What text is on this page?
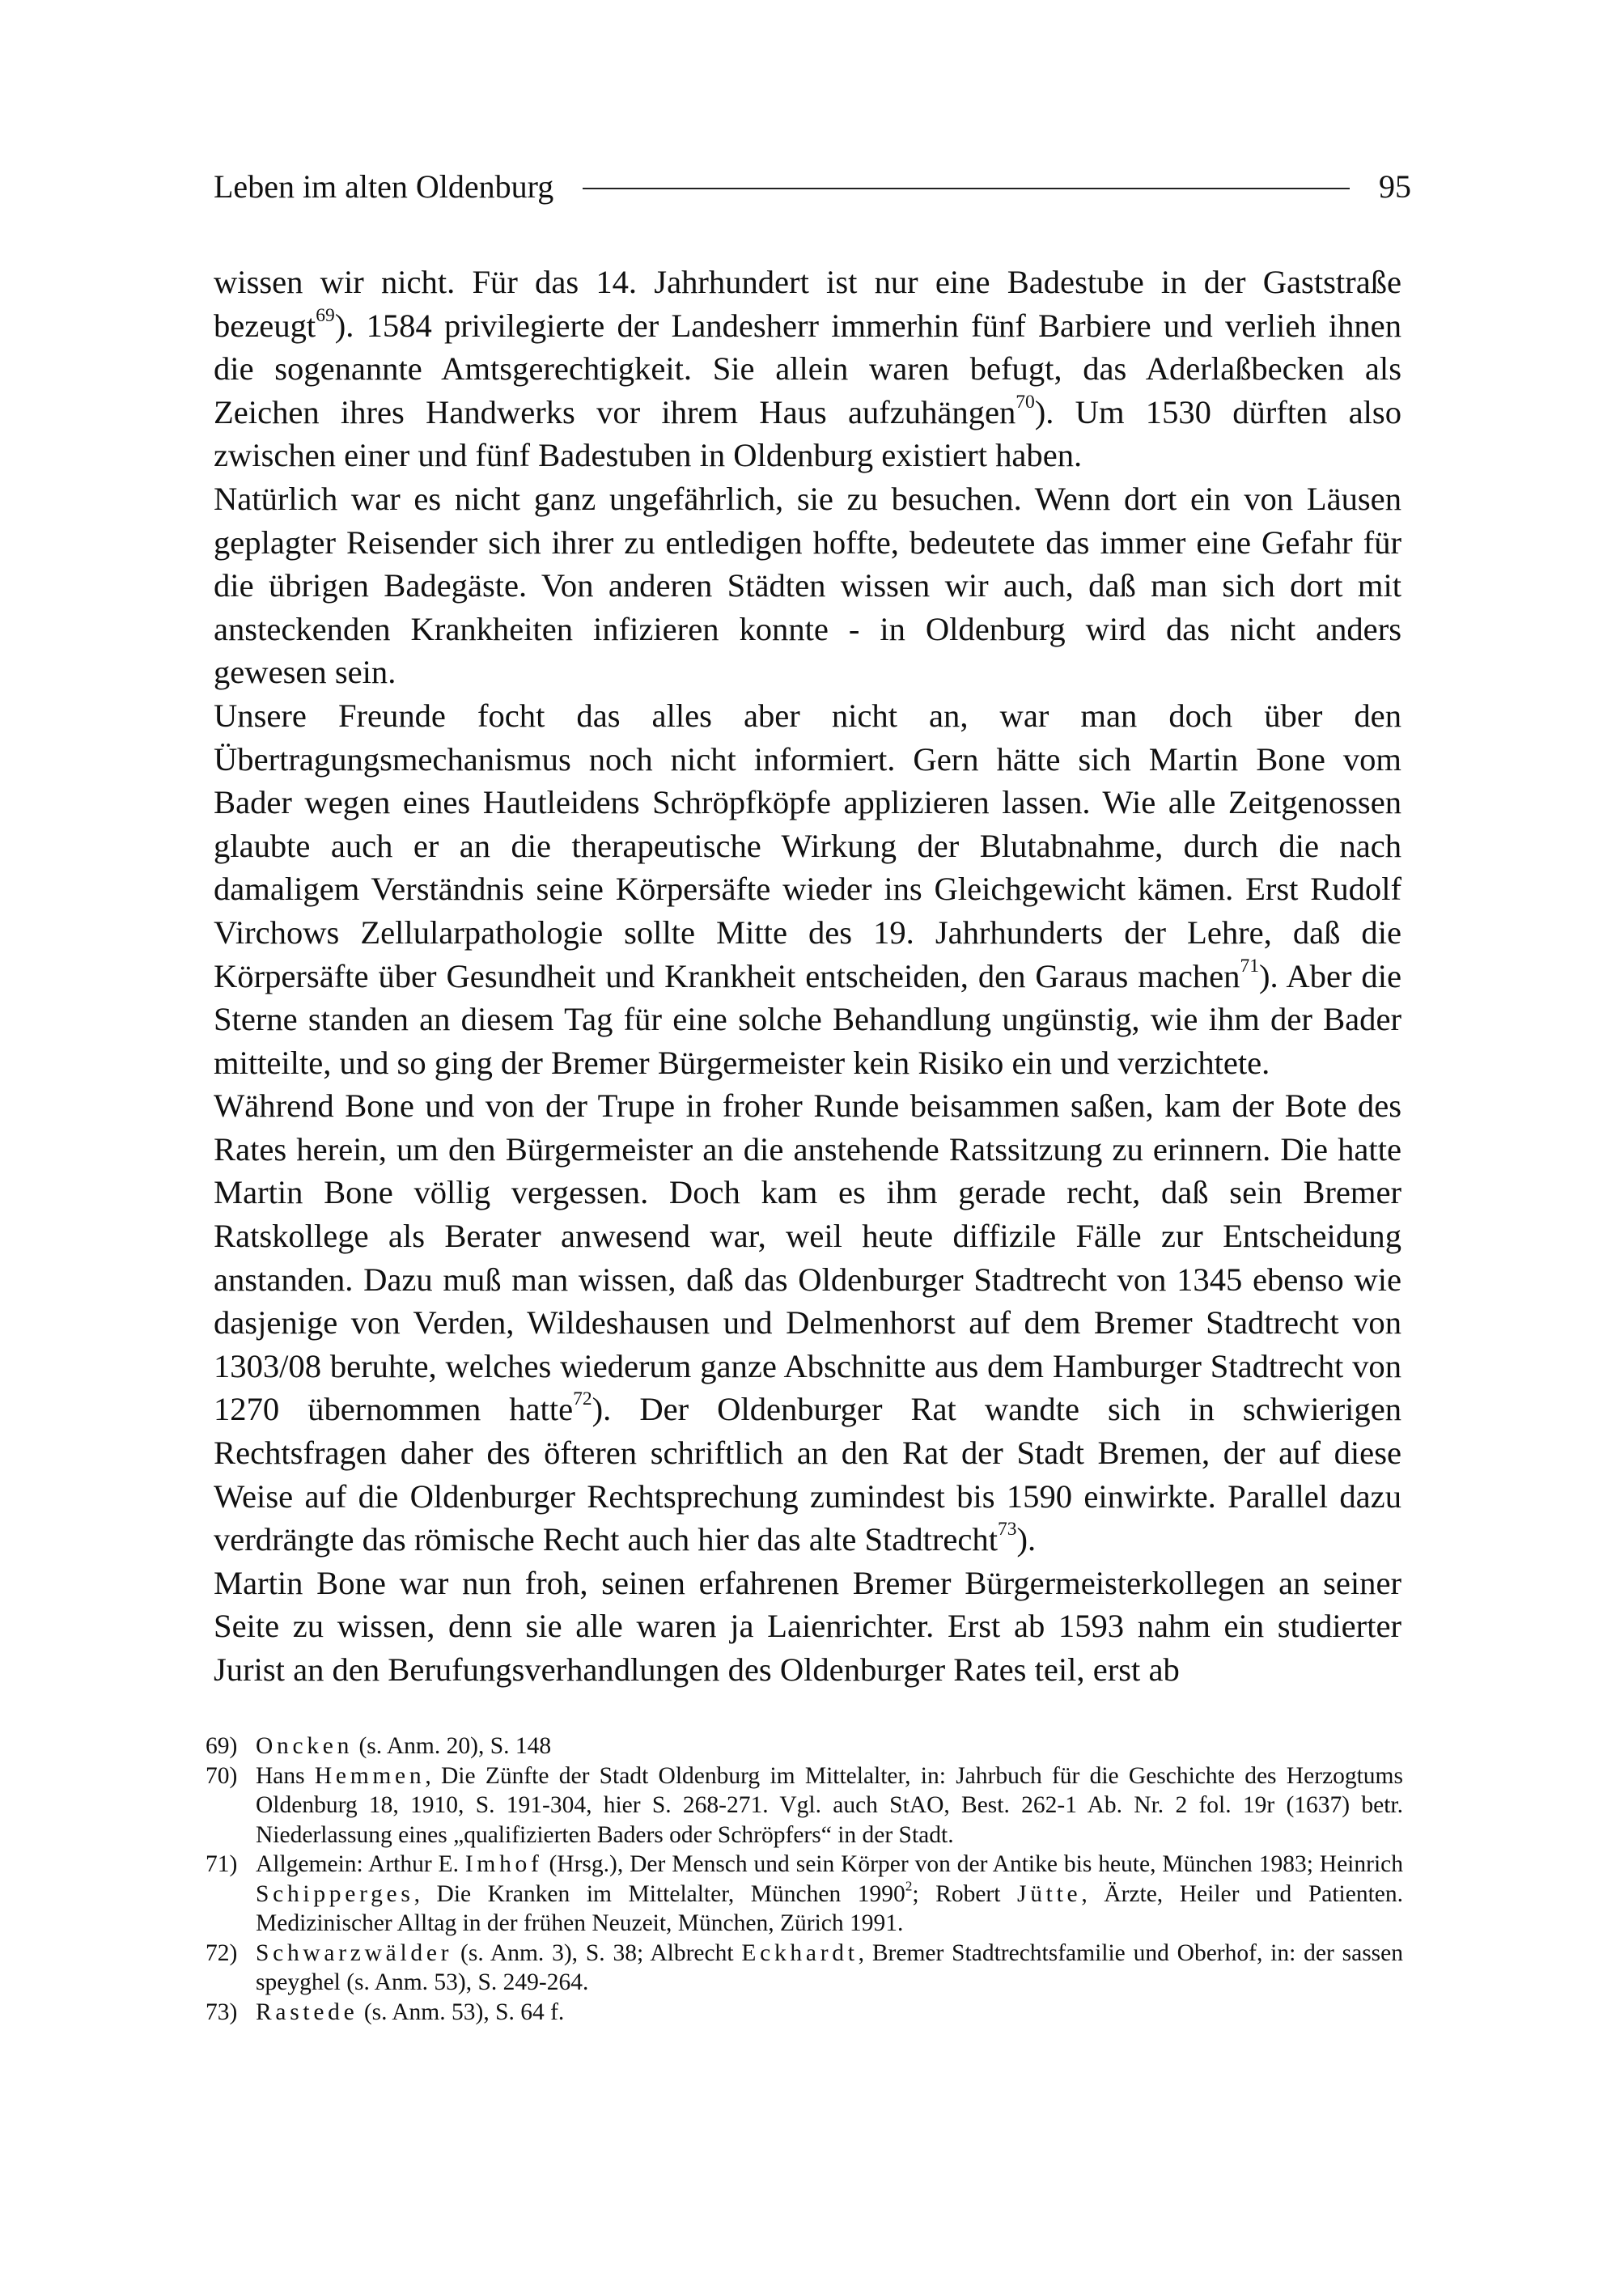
Leben im alten Oldenburg	95

wissen wir nicht. Für das 14. Jahrhundert ist nur eine Badestube in der Gaststraße bezeugt$^{69}$). 1584 privilegierte der Landesherr immerhin fünf Barbiere und verlieh ihnen die sogenannte Amtsgerechtigkeit. Sie allein waren befugt, das Aderlaßbecken als Zeichen ihres Handwerks vor ihrem Haus aufzuhängen$^{70}$). Um 1530 dürften also zwischen einer und fünf Badestuben in Oldenburg existiert haben.

Natürlich war es nicht ganz ungefährlich, sie zu besuchen. Wenn dort ein von Läusen geplagter Reisender sich ihrer zu entledigen hoffte, bedeutete das immer eine Gefahr für die übrigen Badegäste. Von anderen Städten wissen wir auch, daß man sich dort mit ansteckenden Krankheiten infizieren konnte - in Oldenburg wird das nicht anders gewesen sein.

Unsere Freunde focht das alles aber nicht an, war man doch über den Übertragungsmechanismus noch nicht informiert. Gern hätte sich Martin Bone vom Bader wegen eines Hautleidens Schröpfköpfe applizieren lassen. Wie alle Zeitgenossen glaubte auch er an die therapeutische Wirkung der Blutabnahme, durch die nach damaligem Verständnis seine Körpersäfte wieder ins Gleichgewicht kämen. Erst Rudolf Virchows Zellularpathologie sollte Mitte des 19. Jahrhunderts der Lehre, daß die Körpersäfte über Gesundheit und Krankheit entscheiden, den Garaus machen$^{71}$). Aber die Sterne standen an diesem Tag für eine solche Behandlung ungünstig, wie ihm der Bader mitteilte, und so ging der Bremer Bürgermeister kein Risiko ein und verzichtete.

Während Bone und von der Trupe in froher Runde beisammen saßen, kam der Bote des Rates herein, um den Bürgermeister an die anstehende Ratssitzung zu erinnern. Die hatte Martin Bone völlig vergessen. Doch kam es ihm gerade recht, daß sein Bremer Ratskollege als Berater anwesend war, weil heute diffizile Fälle zur Entscheidung anstanden. Dazu muß man wissen, daß das Oldenburger Stadtrecht von 1345 ebenso wie dasjenige von Verden, Wildeshausen und Delmenhorst auf dem Bremer Stadtrecht von 1303/08 beruhte, welches wiederum ganze Abschnitte aus dem Hamburger Stadtrecht von 1270 übernommen hatte$^{72}$). Der Oldenburger Rat wandte sich in schwierigen Rechtsfragen daher des öfteren schriftlich an den Rat der Stadt Bremen, der auf diese Weise auf die Oldenburger Rechtsprechung zumindest bis 1590 einwirkte. Parallel dazu verdrängte das römische Recht auch hier das alte Stadtrecht$^{73}$).

Martin Bone war nun froh, seinen erfahrenen Bremer Bürgermeisterkollegen an seiner Seite zu wissen, denn sie alle waren ja Laienrichter. Erst ab 1593 nahm ein studierter Jurist an den Berufungsverhandlungen des Oldenburger Rates teil, erst ab

69) Oncken (s. Anm. 20), S. 148
70) Hans Hemmen, Die Zünfte der Stadt Oldenburg im Mittelalter, in: Jahrbuch für die Geschichte des Herzogtums Oldenburg 18, 1910, S. 191-304, hier S. 268-271. Vgl. auch StAO, Best. 262-1 Ab. Nr. 2 fol. 19r (1637) betr. Niederlassung eines „qualifizierten Baders oder Schröpfers“ in der Stadt.
71) Allgemein: Arthur E. Imhof (Hrsg.), Der Mensch und sein Körper von der Antike bis heute, München 1983; Heinrich Schipperges, Die Kranken im Mittelalter, München 1990$^2$; Robert Jütte, Ärzte, Heiler und Patienten. Medizinischer Alltag in der frühen Neuzeit, München, Zürich 1991.
72) Schwarzwälder (s. Anm. 3), S. 38; Albrecht Eckhardt, Bremer Stadtrechtsfamilie und Oberhof, in: der sassen speyghel (s. Anm. 53), S. 249-264.
73) Rastede (s. Anm. 53), S. 64 f.
